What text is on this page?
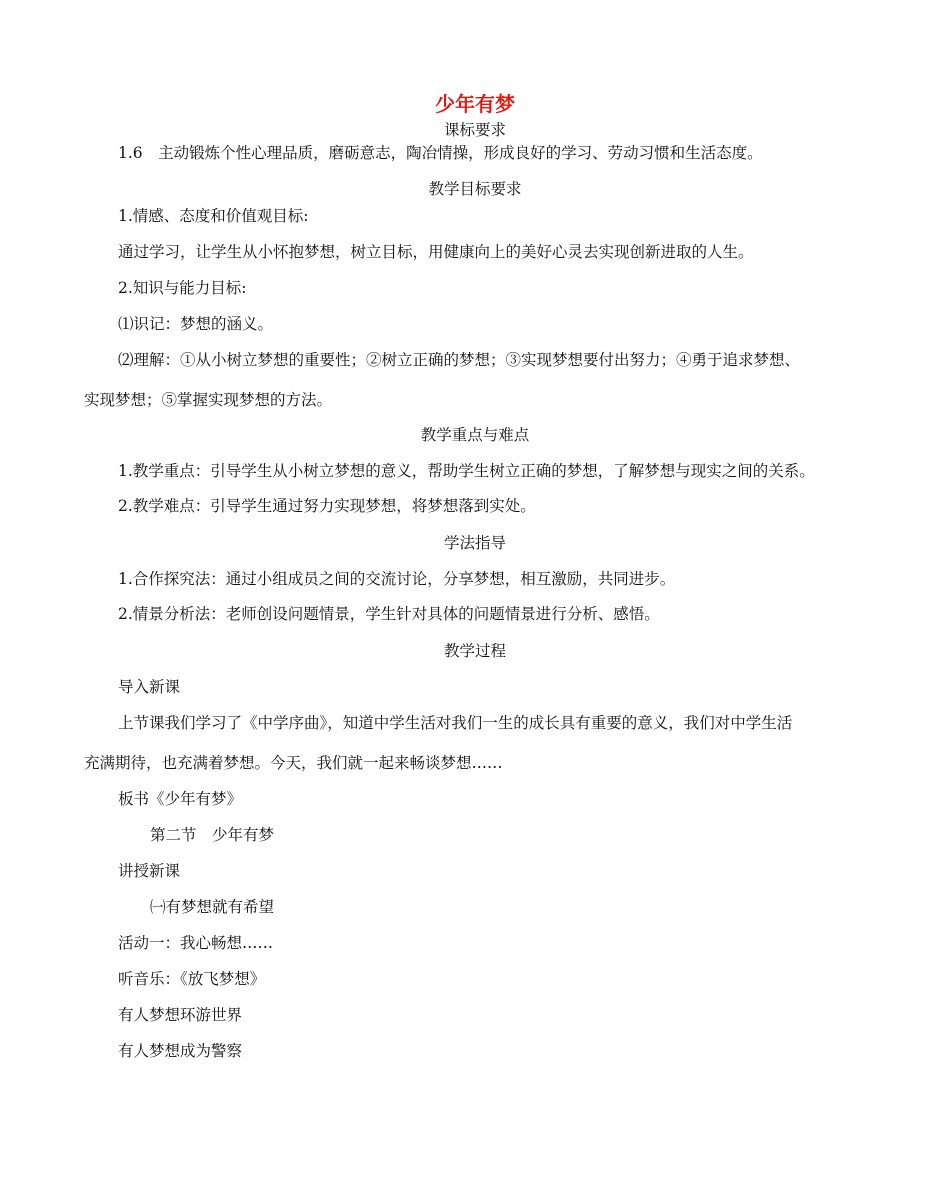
少年有梦
课标要求
1.6　主动锻炼个性心理品质，磨砺意志，陶冶情操，形成良好的学习、劳动习惯和生活态度。
教学目标要求
1.情感、态度和价值观目标:
通过学习，让学生从小怀抱梦想，树立目标，用健康向上的美好心灵去实现创新进取的人生。
2.知识与能力目标:
⑴识记：梦想的涵义。
⑵理解：①从小树立梦想的重要性；②树立正确的梦想；③实现梦想要付出努力；④勇于追求梦想、
实现梦想；⑤掌握实现梦想的方法。
教学重点与难点
1.教学重点：引导学生从小树立梦想的意义，帮助学生树立正确的梦想，了解梦想与现实之间的关系。
2.教学难点：引导学生通过努力实现梦想，将梦想落到实处。
学法指导
1.合作探究法：通过小组成员之间的交流讨论，分享梦想，相互激励，共同进步。
2.情景分析法：老师创设问题情景，学生针对具体的问题情景进行分析、感悟。
教学过程
导入新课
上节课我们学习了《中学序曲》，知道中学生活对我们一生的成长具有重要的意义，我们对中学生活
充满期待，也充满着梦想。今天，我们就一起来畅谈梦想……
板书《少年有梦》
第二节　少年有梦
讲授新课
㈠有梦想就有希望
活动一：我心畅想……
听音乐：《放飞梦想》
有人梦想环游世界
有人梦想成为警察
